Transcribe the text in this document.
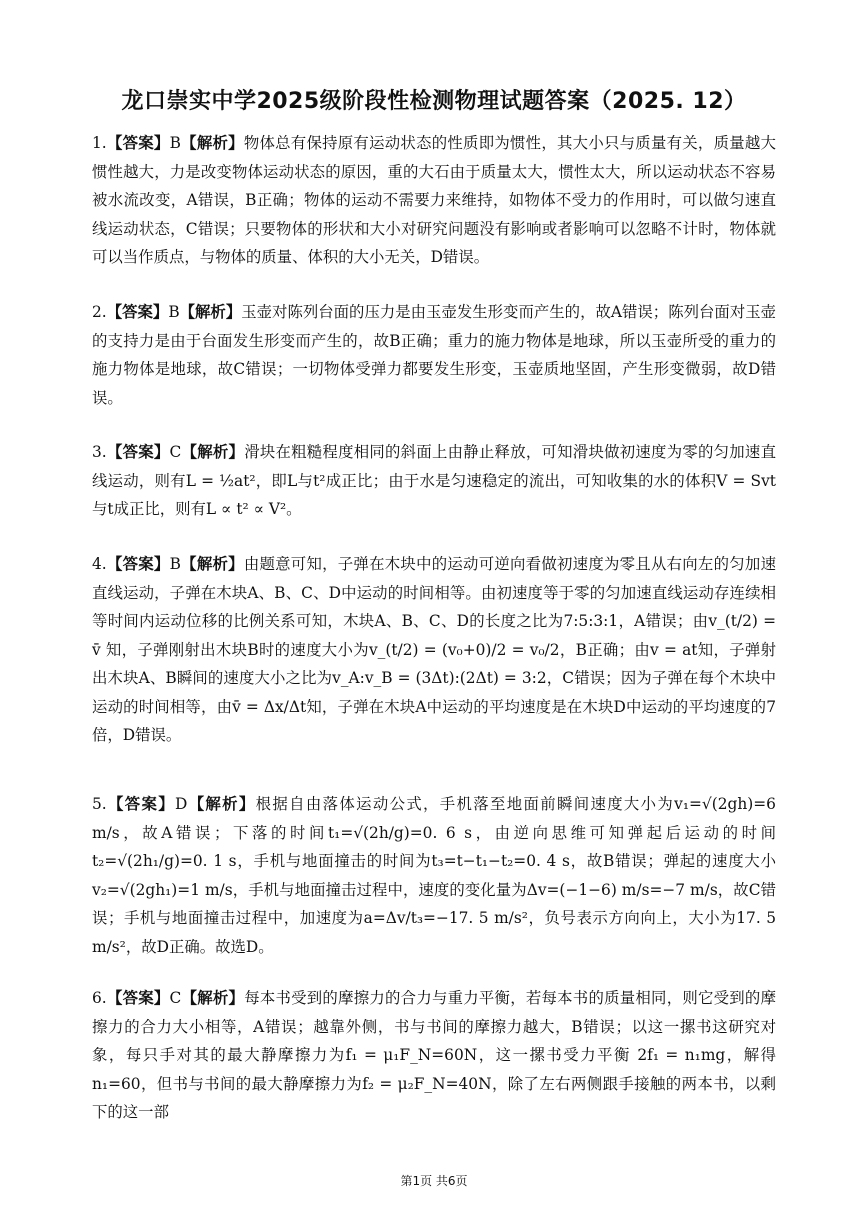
龙口崇实中学2025级阶段性检测物理试题答案（2025. 12）
1.【答案】B【解析】物体总有保持原有运动状态的性质即为惯性，其大小只与质量有关，质量越大惯性越大，力是改变物体运动状态的原因，重的大石由于质量太大，惯性太大，所以运动状态不容易被水流改变，A错误，B正确；物体的运动不需要力来维持，如物体不受力的作用时，可以做匀速直线运动状态，C错误；只要物体的形状和大小对研究问题没有影响或者影响可以忽略不计时，物体就可以当作质点，与物体的质量、体积的大小无关，D错误。
2.【答案】B【解析】玉壶对陈列台面的压力是由玉壶发生形变而产生的，故A错误；陈列台面对玉壶的支持力是由于台面发生形变而产生的，故B正确；重力的施力物体是地球，所以玉壶所受的重力的施力物体是地球，故C错误；一切物体受弹力都要发生形变，玉壶质地坚固，产生形变微弱，故D错误。
3.【答案】C【解析】滑块在粗糙程度相同的斜面上由静止释放，可知滑块做初速度为零的匀加速直线运动，则有L = ½at²，即L与t²成正比；由于水是匀速稳定的流出，可知收集的水的体积V = Svt与t成正比，则有L ∝ t² ∝ V²。
4.【答案】B【解析】由题意可知，子弹在木块中的运动可逆向看做初速度为零且从右向左的匀加速直线运动，子弹在木块A、B、C、D中运动的时间相等。由初速度等于零的匀加速直线运动存连续相等时间内运动位移的比例关系可知，木块A、B、C、D的长度之比为7:5:3:1，A错误；由v_(t/2) = v̄ 知，子弹刚射出木块B时的速度大小为v_(t/2) = (v₀+0)/2 = v₀/2，B正确；由v = at知，子弹射出木块A、B瞬间的速度大小之比为v_A:v_B = (3Δt):(2Δt) = 3:2，C错误；因为子弹在每个木块中运动的时间相等，由v̄ = Δx/Δt知，子弹在木块A中运动的平均速度是在木块D中运动的平均速度的7倍，D错误。
5.【答案】D【解析】根据自由落体运动公式，手机落至地面前瞬间速度大小为v₁=√(2gh)=6 m/s，故A错误；下落的时间t₁=√(2h/g)=0. 6 s，由逆向思维可知弹起后运动的时间t₂=√(2h₁/g)=0. 1 s，手机与地面撞击的时间为t₃=t−t₁−t₂=0. 4 s，故B错误；弹起的速度大小v₂=√(2gh₁)=1 m/s，手机与地面撞击过程中，速度的变化量为Δv=(−1−6) m/s=−7 m/s，故C错误；手机与地面撞击过程中，加速度为a=Δv/t₃=−17. 5 m/s²，负号表示方向向上，大小为17. 5 m/s²，故D正确。故选D。
6.【答案】C【解析】每本书受到的摩擦力的合力与重力平衡，若每本书的质量相同，则它受到的摩擦力的合力大小相等，A错误；越靠外侧，书与书间的摩擦力越大，B错误；以这一摞书这研究对象，每只手对其的最大静摩擦力为f₁ = μ₁F_N=60N，这一摞书受力平衡 2f₁ = n₁mg，解得n₁=60，但书与书间的最大静摩擦力为f₂ = μ₂F_N=40N，除了左右两侧跟手接触的两本书，以剩下的这一部
第1页 共6页
